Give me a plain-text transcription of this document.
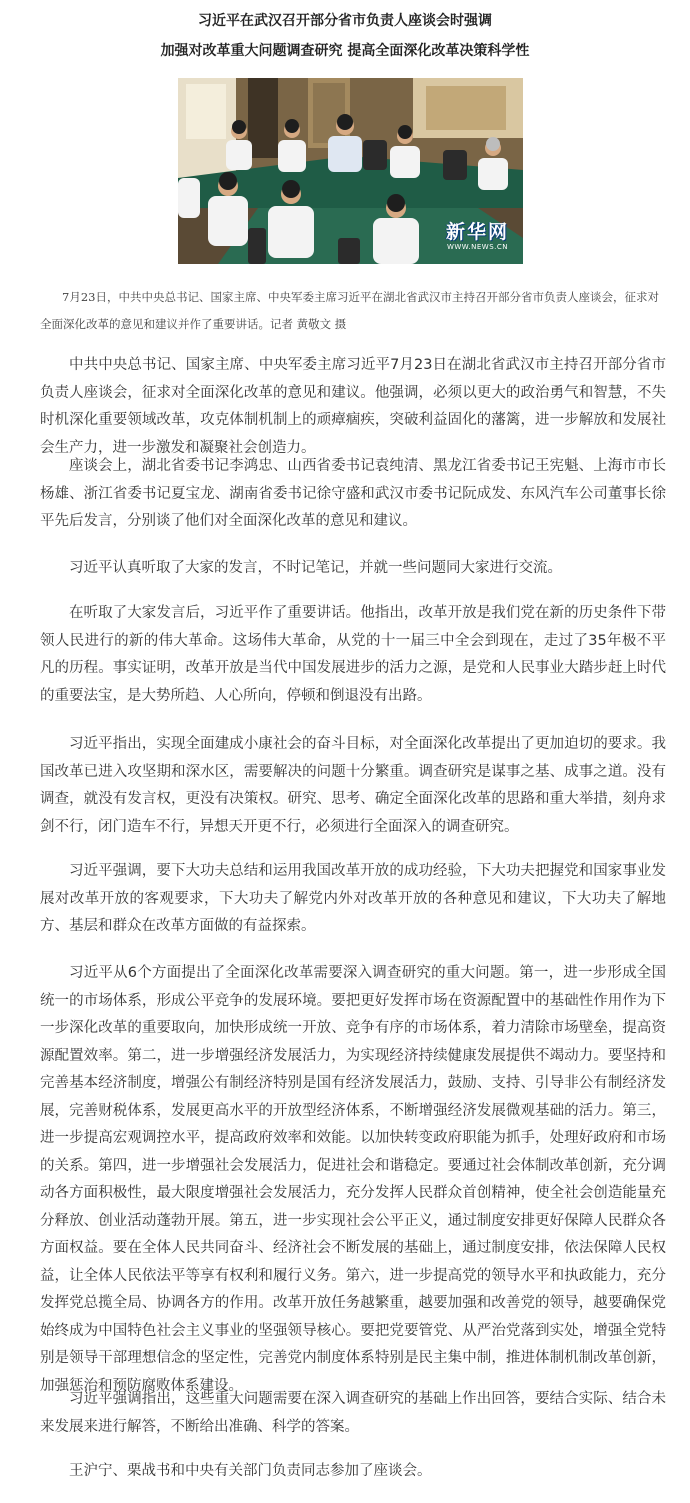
习近平在武汉召开部分省市负责人座谈会时强调
加强对改革重大问题调查研究 提高全面深化改革决策科学性
新华网
WWW.NEWS.CN

7月23日，中共中央总书记、国家主席、中央军委主席习近平在湖北省武汉市主持召开部分省市负责人座谈会，征求对全面深化改革的意见和建议并作了重要讲话。记者 黄敬文 摄

中共中央总书记、国家主席、中央军委主席习近平7月23日在湖北省武汉市主持召开部分省市负责人座谈会，征求对全面深化改革的意见和建议。他强调，必须以更大的政治勇气和智慧，不失时机深化重要领域改革，攻克体制机制上的顽瘴痼疾，突破利益固化的藩篱，进一步解放和发展社会生产力，进一步激发和凝聚社会创造力。

座谈会上，湖北省委书记李鸿忠、山西省委书记袁纯清、黑龙江省委书记王宪魁、上海市市长杨雄、浙江省委书记夏宝龙、湖南省委书记徐守盛和武汉市委书记阮成发、东风汽车公司董事长徐平先后发言，分别谈了他们对全面深化改革的意见和建议。

习近平认真听取了大家的发言，不时记笔记，并就一些问题同大家进行交流。

在听取了大家发言后，习近平作了重要讲话。他指出，改革开放是我们党在新的历史条件下带领人民进行的新的伟大革命。这场伟大革命，从党的十一届三中全会到现在，走过了35年极不平凡的历程。事实证明，改革开放是当代中国发展进步的活力之源，是党和人民事业大踏步赶上时代的重要法宝，是大势所趋、人心所向，停顿和倒退没有出路。

习近平指出，实现全面建成小康社会的奋斗目标，对全面深化改革提出了更加迫切的要求。我国改革已进入攻坚期和深水区，需要解决的问题十分繁重。调查研究是谋事之基、成事之道。没有调查，就没有发言权，更没有决策权。研究、思考、确定全面深化改革的思路和重大举措，刻舟求剑不行，闭门造车不行，异想天开更不行，必须进行全面深入的调查研究。

习近平强调，要下大功夫总结和运用我国改革开放的成功经验，下大功夫把握党和国家事业发展对改革开放的客观要求，下大功夫了解党内外对改革开放的各种意见和建议，下大功夫了解地方、基层和群众在改革方面做的有益探索。

习近平从6个方面提出了全面深化改革需要深入调查研究的重大问题。第一，进一步形成全国统一的市场体系，形成公平竞争的发展环境。要把更好发挥市场在资源配置中的基础性作用作为下一步深化改革的重要取向，加快形成统一开放、竞争有序的市场体系，着力清除市场壁垒，提高资源配置效率。第二，进一步增强经济发展活力，为实现经济持续健康发展提供不竭动力。要坚持和完善基本经济制度，增强公有制经济特别是国有经济发展活力，鼓励、支持、引导非公有制经济发展，完善财税体系，发展更高水平的开放型经济体系，不断增强经济发展微观基础的活力。第三，进一步提高宏观调控水平，提高政府效率和效能。以加快转变政府职能为抓手，处理好政府和市场的关系。第四，进一步增强社会发展活力，促进社会和谐稳定。要通过社会体制改革创新，充分调动各方面积极性，最大限度增强社会发展活力，充分发挥人民群众首创精神，使全社会创造能量充分释放、创业活动蓬勃开展。第五，进一步实现社会公平正义，通过制度安排更好保障人民群众各方面权益。要在全体人民共同奋斗、经济社会不断发展的基础上，通过制度安排，依法保障人民权益，让全体人民依法平等享有权利和履行义务。第六，进一步提高党的领导水平和执政能力，充分发挥党总揽全局、协调各方的作用。改革开放任务越繁重，越要加强和改善党的领导，越要确保党始终成为中国特色社会主义事业的坚强领导核心。要把党要管党、从严治党落到实处，增强全党特别是领导干部理想信念的坚定性，完善党内制度体系特别是民主集中制，推进体制机制改革创新，加强惩治和预防腐败体系建设。

习近平强调指出，这些重大问题需要在深入调查研究的基础上作出回答，要结合实际、结合未来发展来进行解答，不断给出准确、科学的答案。

王沪宁、栗战书和中央有关部门负责同志参加了座谈会。
